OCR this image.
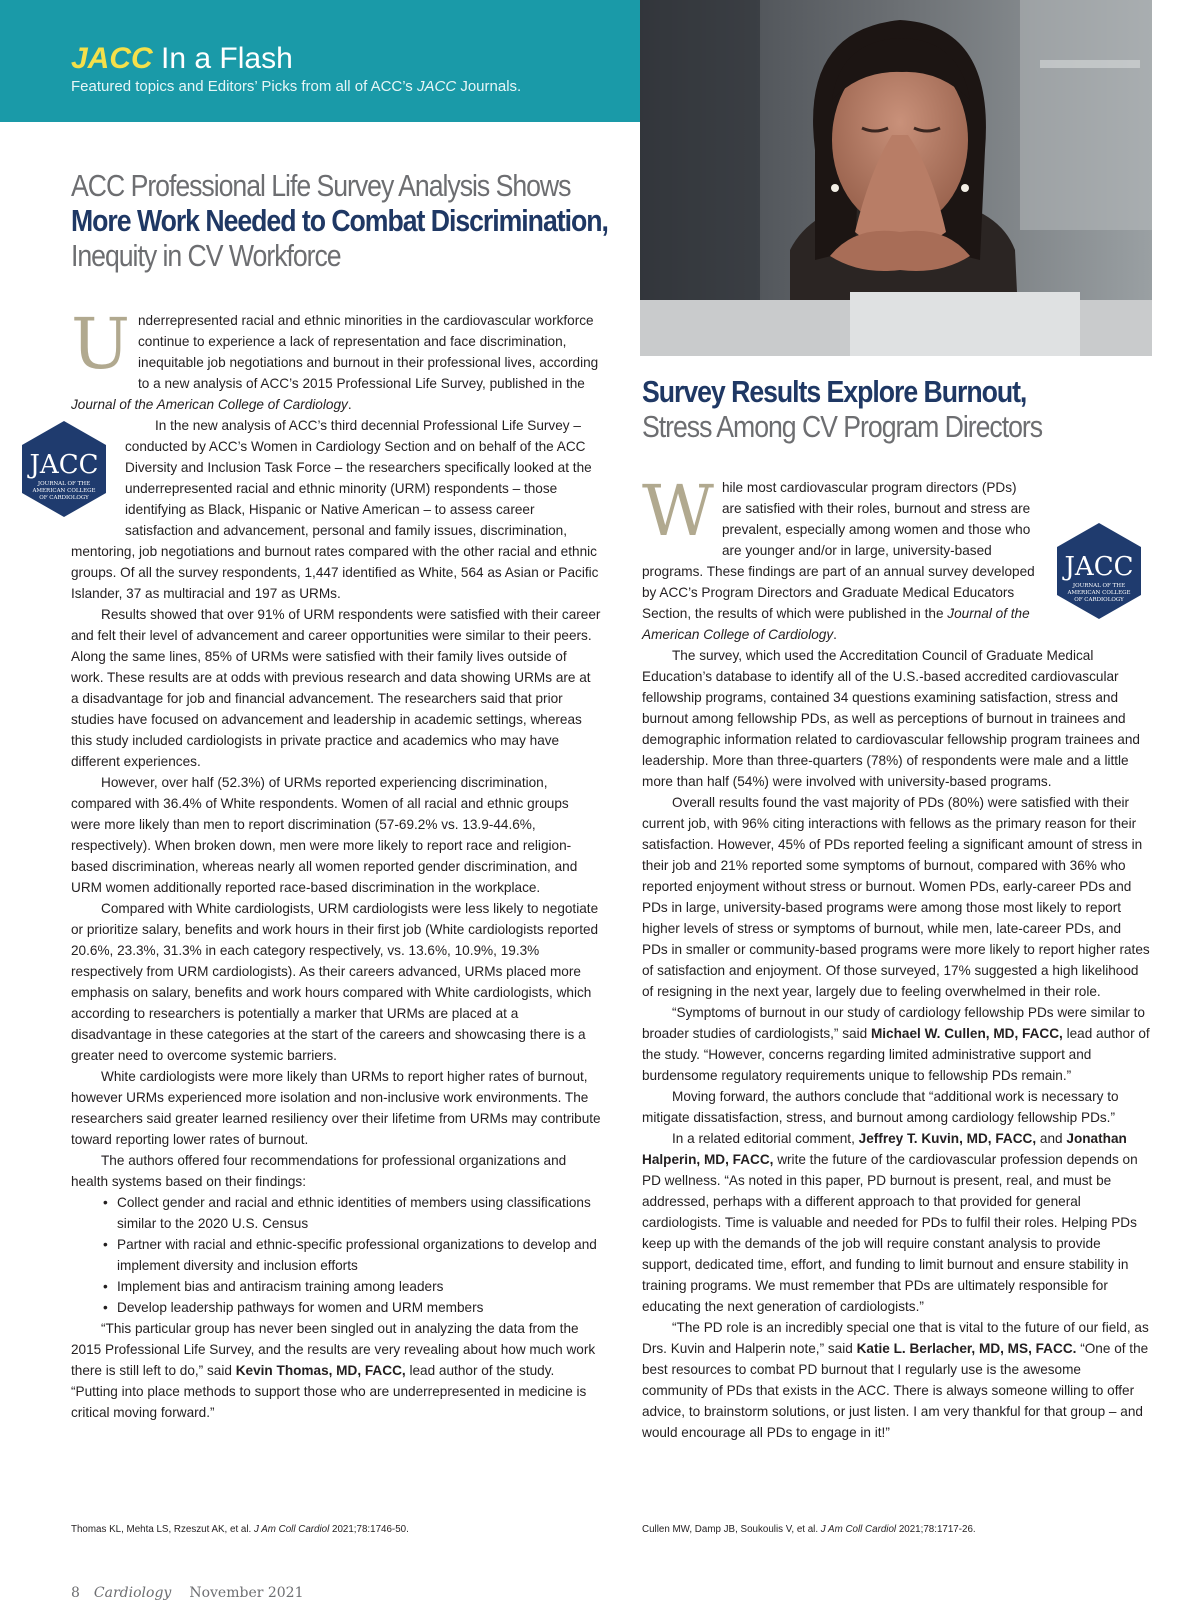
JACC In a Flash
Featured topics and Editors’ Picks from all of ACC’s JACC Journals.
ACC Professional Life Survey Analysis Shows More Work Needed to Combat Discrimination, Inequity in CV Workforce
Survey Results Explore Burnout,
Stress Among CV Program Directors
U nderrepresented racial and ethnic minorities in the cardiovascular workforce continue to experience a lack of representation and face discrimination, inequitable job negotiations and burnout in their professional lives, according to a new analysis of ACC’s 2015 Professional Life Survey, published in the Journal of the American College of Cardiology.

JACC
JOURNAL OF THE
AMERICAN COLLEGE
OF CARDIOLOGY

In the new analysis of ACC’s third decennial Professional Life Survey – conducted by ACC’s Women in Cardiology Section and on behalf of the ACC Diversity and Inclusion Task Force – the researchers specifically looked at the underrepresented racial and ethnic minority (URM) respondents – those identifying as Black, Hispanic or Native American – to assess career satisfaction and advancement, personal and family issues, discrimination, mentoring, job negotiations and burnout rates compared with the other racial and ethnic groups. Of all the survey respondents, 1,447 identified as White, 564 as Asian or Pacific Islander, 37 as multiracial and 197 as URMs.

Results showed that over 91% of URM respondents were satisfied with their career and felt their level of advancement and career opportunities were similar to their peers. Along the same lines, 85% of URMs were satisfied with their family lives outside of work. These results are at odds with previous research and data showing URMs are at a disadvantage for job and financial advancement. The researchers said that prior studies have focused on advancement and leadership in academic settings, whereas this study included cardiologists in private practice and academics who may have different experiences.

However, over half (52.3%) of URMs reported experiencing discrimination, compared with 36.4% of White respondents. Women of all racial and ethnic groups were more likely than men to report discrimination (57-69.2% vs. 13.9-44.6%, respectively). When broken down, men were more likely to report race and religion-based discrimination, whereas nearly all women reported gender discrimination, and URM women additionally reported race-based discrimination in the workplace.

Compared with White cardiologists, URM cardiologists were less likely to negotiate or prioritize salary, benefits and work hours in their first job (White cardiologists reported 20.6%, 23.3%, 31.3% in each category respectively, vs. 13.6%, 10.9%, 19.3% respectively from URM cardiologists). As their careers advanced, URMs placed more emphasis on salary, benefits and work hours compared with White cardiologists, which according to researchers is potentially a marker that URMs are placed at a disadvantage in these categories at the start of the careers and showcasing there is a greater need to overcome systemic barriers.

White cardiologists were more likely than URMs to report higher rates of burnout, however URMs experienced more isolation and non-inclusive work environments. The researchers said greater learned resiliency over their lifetime from URMs may contribute toward reporting lower rates of burnout.

The authors offered four recommendations for professional organizations and health systems based on their findings:

• Collect gender and racial and ethnic identities of members using classifications similar to the 2020 U.S. Census
• Partner with racial and ethnic-specific professional organizations to develop and implement diversity and inclusion efforts
• Implement bias and antiracism training among leaders
• Develop leadership pathways for women and URM members

“This particular group has never been singled out in analyzing the data from the 2015 Professional Life Survey, and the results are very revealing about how much work there is still left to do,” said Kevin Thomas, MD, FACC, lead author of the study. “Putting into place methods to support those who are underrepresented in medicine is critical moving forward.”

W
JACC
JOURNAL OF THE
AMERICAN COLLEGE
OF CARDIOLOGY

hile most cardiovascular program directors (PDs) are satisfied with their roles, burnout and stress are prevalent, especially among women and those who are younger and/or in large, university-based programs. These findings are part of an annual survey developed by ACC’s Program Directors and Graduate Medical Educators Section, the results of which were published in the Journal of the American College of Cardiology.

The survey, which used the Accreditation Council of Graduate Medical Education’s database to identify all of the U.S.-based accredited cardiovascular fellowship programs, contained 34 questions examining satisfaction, stress and burnout among fellowship PDs, as well as perceptions of burnout in trainees and demographic information related to cardiovascular fellowship program trainees and leadership. More than three-quarters (78%) of respondents were male and a little more than half (54%) were involved with university-based programs.

Overall results found the vast majority of PDs (80%) were satisfied with their current job, with 96% citing interactions with fellows as the primary reason for their satisfaction. However, 45% of PDs reported feeling a significant amount of stress in their job and 21% reported some symptoms of burnout, compared with 36% who reported enjoyment without stress or burnout. Women PDs, early-career PDs and PDs in large, university-based programs were among those most likely to report higher levels of stress or symptoms of burnout, while men, late-career PDs, and PDs in smaller or community-based programs were more likely to report higher rates of satisfaction and enjoyment. Of those surveyed, 17% suggested a high likelihood of resigning in the next year, largely due to feeling overwhelmed in their role.

“Symptoms of burnout in our study of cardiology fellowship PDs were similar to broader studies of cardiologists,” said Michael W. Cullen, MD, FACC, lead author of the study. “However, concerns regarding limited administrative support and burdensome regulatory requirements unique to fellowship PDs remain.”

Moving forward, the authors conclude that “additional work is necessary to mitigate dissatisfaction, stress, and burnout among cardiology fellowship PDs.”

In a related editorial comment, Jeffrey T. Kuvin, MD, FACC, and Jonathan Halperin, MD, FACC, write the future of the cardiovascular profession depends on PD wellness. “As noted in this paper, PD burnout is present, real, and must be addressed, perhaps with a different approach to that provided for general cardiologists. Time is valuable and needed for PDs to fulfil their roles. Helping PDs keep up with the demands of the job will require constant analysis to provide support, dedicated time, effort, and funding to limit burnout and ensure stability in training programs. We must remember that PDs are ultimately responsible for educating the next generation of cardiologists.”

“The PD role is an incredibly special one that is vital to the future of our field, as Drs. Kuvin and Halperin note,” said Katie L. Berlacher, MD, MS, FACC. “One of the best resources to combat PD burnout that I regularly use is the awesome community of PDs that exists in the ACC. There is always someone willing to offer advice, to brainstorm solutions, or just listen. I am very thankful for that group – and would encourage all PDs to engage in it!”

Thomas KL, Mehta LS, Rzeszut AK, et al. J Am Coll Cardiol 2021;78:1746-50.	Cullen MW, Damp JB, Soukoulis V, et al. J Am Coll Cardiol 2021;78:1717-26.
8 Cardiology November 2021
